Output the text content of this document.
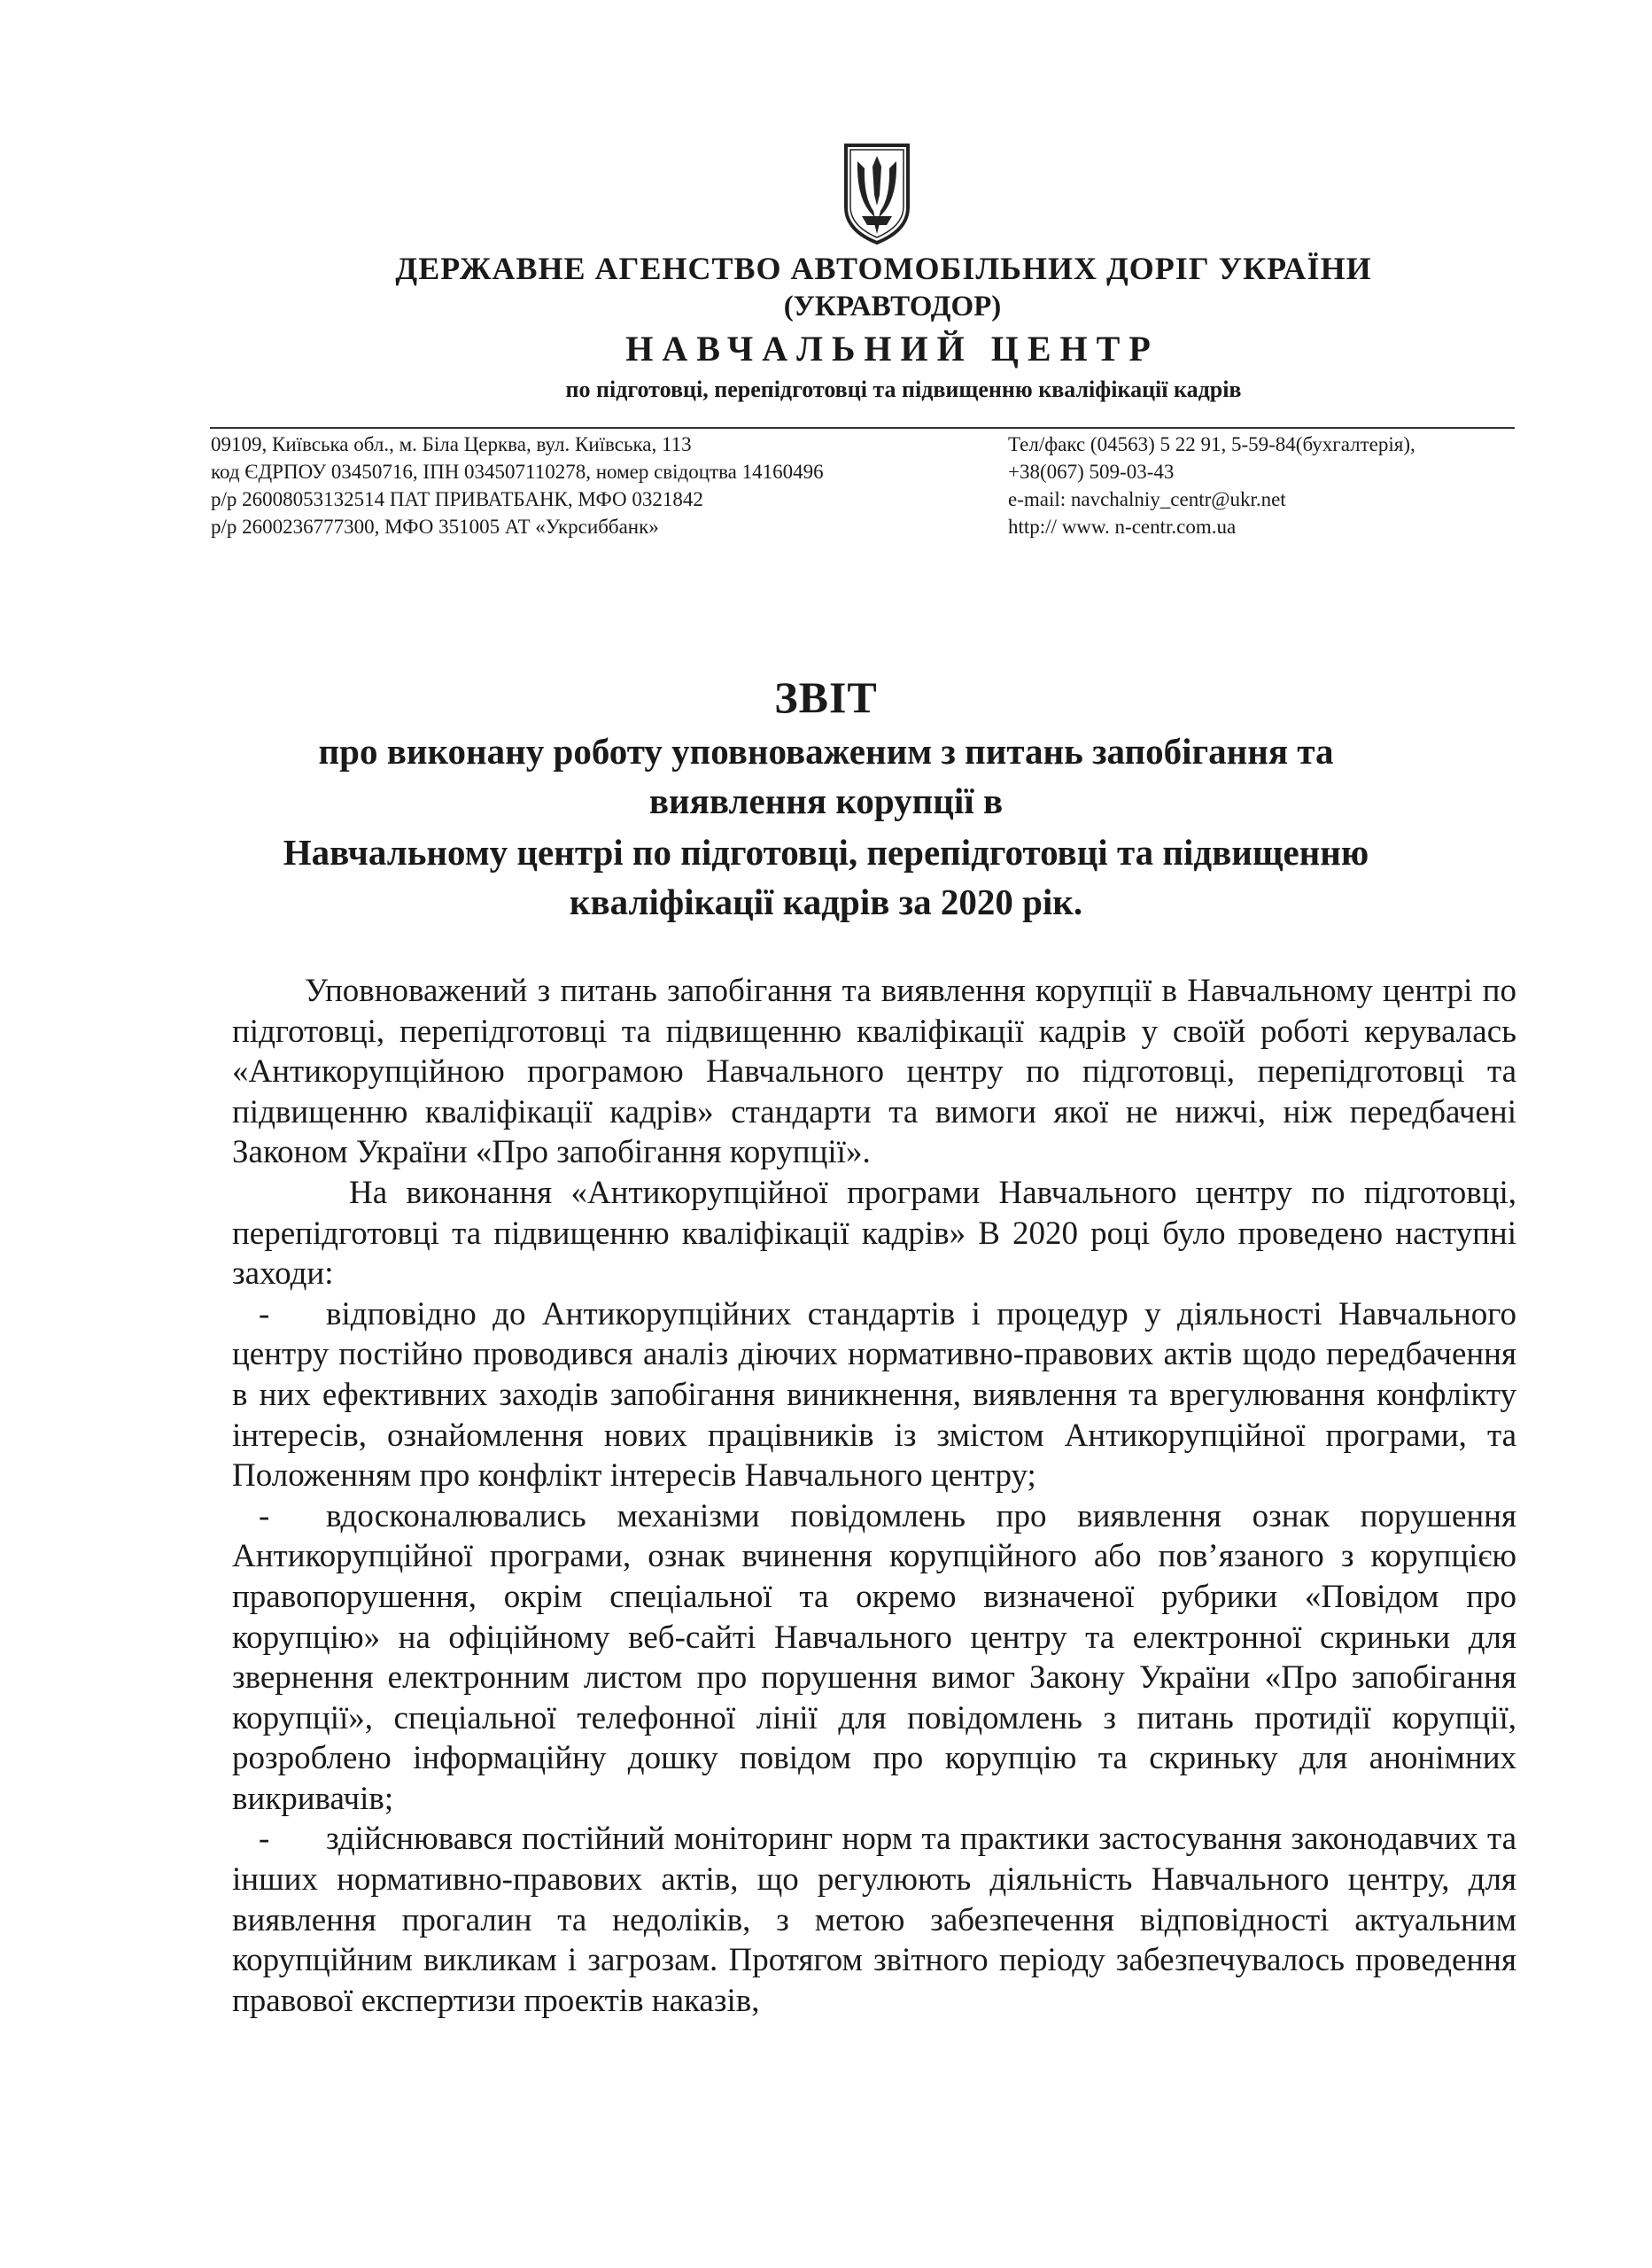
ДЕРЖАВНЕ АГЕНСТВО АВТОМОБІЛЬНИХ ДОРІГ УКРАЇНИ
(УКРАВТОДОР)
НАВЧАЛЬНИЙ ЦЕНТР
по підготовці, перепідготовці та підвищенню кваліфікації кадрів
09109, Київська обл., м. Біла Церква, вул. Київська, 113
код ЄДРПОУ 03450716, ІПН 034507110278, номер свідоцтва 14160496
р/р 26008053132514 ПАТ ПРИВАТБАНК, МФО 0321842
р/р 2600236777300, МФО 351005 АТ «Укрсиббанк»
Тел/факс (04563) 5 22 91, 5-59-84(бухгалтерія),
+38(067) 509-03-43
e-mail: navchalniy_centr@ukr.net
http:// www. n-centr.com.ua
ЗВІТ
про виконану роботу уповноваженим з питань запобігання та
виявлення корупції в
Навчальному центрі по підготовці, перепідготовці та підвищенню
кваліфікації кадрів за 2020 рік.

Уповноважений з питань запобігання та виявлення корупції в Навчальному центрі по підготовці, перепідготовці та підвищенню кваліфікації кадрів у своїй роботі керувалась «Антикорупційною програмою Навчального центру по підготовці, перепідготовці та підвищенню кваліфікації кадрів» стандарти та вимоги якої не нижчі, ніж передбачені Законом України «Про запобігання корупції».

На виконання «Антикорупційної програми Навчального центру по підготовці, перепідготовці та підвищенню кваліфікації кадрів» В 2020 році було проведено наступні заходи:

- відповідно до Антикорупційних стандартів і процедур у діяльності Навчального центру постійно проводився аналіз діючих нормативно-правових актів щодо передбачення в них ефективних заходів запобігання виникнення, виявлення та врегулювання конфлікту інтересів, ознайомлення нових працівників із змістом Антикорупційної програми, та Положенням про конфлікт інтересів Навчального центру;

- вдосконалювались механізми повідомлень про виявлення ознак порушення Антикорупційної програми, ознак вчинення корупційного або пов’язаного з корупцією правопорушення, окрім спеціальної та окремо визначеної рубрики «Повідом про корупцію» на офіційному веб-сайті Навчального центру та електронної скриньки для звернення електронним листом про порушення вимог Закону України «Про запобігання корупції», спеціальної телефонної лінії для повідомлень з питань протидії корупції, розроблено інформаційну дошку повідом про корупцію та скриньку для анонімних викривачів;

- здійснювався постійний моніторинг норм та практики застосування законодавчих та інших нормативно-правових актів, що регулюють діяльність Навчального центру, для виявлення прогалин та недоліків, з метою забезпечення відповідності актуальним корупційним викликам і загрозам. Протягом звітного періоду забезпечувалось проведення правової експертизи проектів наказів,
